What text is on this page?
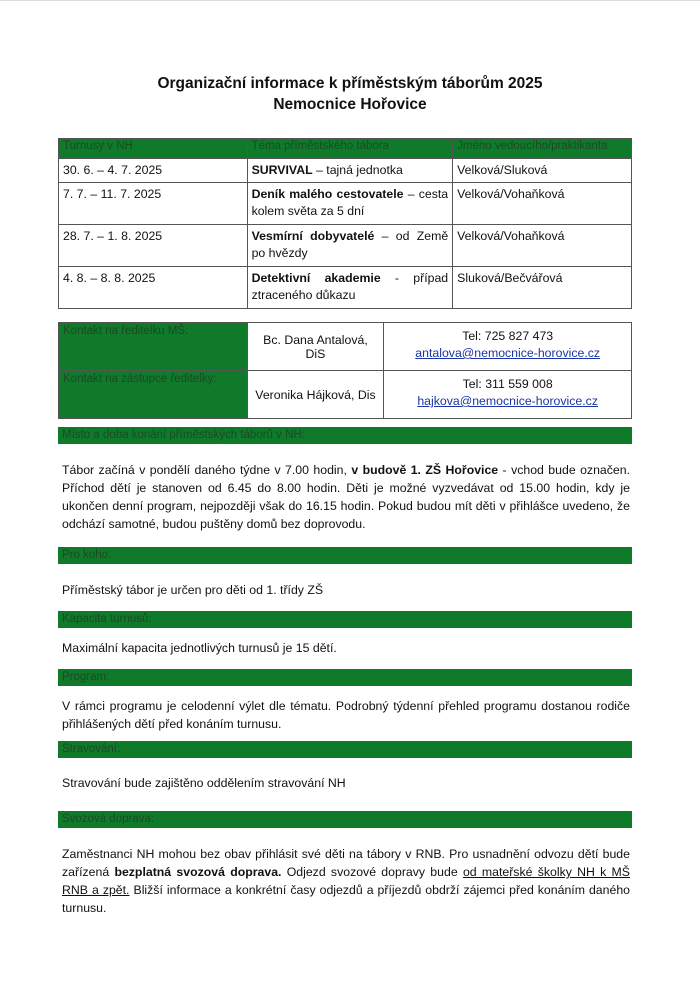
Organizační informace k příměstským táborům 2025
Nemocnice Hořovice
Turnusy v NH	Téma příměstského tábora	Jméno vedoucího/praktikanta
30. 6. – 4. 7. 2025	SURVIVAL – tajná jednotka	Velková/Sluková
7. 7. – 11. 7. 2025	Deník malého cestovatele – cesta kolem světa za 5 dní	Velková/Vohaňková
28. 7. – 1. 8. 2025	Vesmírní dobyvatelé – od Země po hvězdy	Velková/Vohaňková
4. 8. – 8. 8. 2025	Detektivní akademie - případ ztraceného důkazu	Sluková/Bečvářová
Kontakt na ředitelku MŠ:	Bc. Dana Antalová, DiS	Tel: 725 827 473
antalova@nemocnice-horovice.cz

Kontakt na zástupce ředitelky:	Veronika Hájková, Dis	Tel: 311 559 008
hajkova@nemocnice-horovice.cz
Místo a doba konání příměstských táborů v NH:
Tábor začíná v pondělí daného týdne v 7.00 hodin, v budově 1. ZŠ Hořovice - vchod bude označen. Příchod dětí je stanoven od 6.45 do 8.00 hodin. Děti je možné vyzvedávat od 15.00 hodin, kdy je ukončen denní program, nejpozději však do 16.15 hodin. Pokud budou mít děti v přihlášce uvedeno, že odchází samotné, budou puštěny domů bez doprovodu.
Pro koho:
Příměstský tábor je určen pro děti od 1. třídy ZŠ
Kapacita turnusů:
Maximální kapacita jednotlivých turnusů je 15 dětí.
Program:
V rámci programu je celodenní výlet dle tématu. Podrobný týdenní přehled programu dostanou rodiče přihlášených dětí před konáním turnusu.
Stravování:
Stravování bude zajištěno oddělením stravování NH
Svozová doprava:
Zaměstnanci NH mohou bez obav přihlásit své děti na tábory v RNB. Pro usnadnění odvozu dětí bude zařízená bezplatná svozová doprava. Odjezd svozové dopravy bude od mateřské školky NH k MŠ RNB a zpět. Bližší informace a konkrétní časy odjezdů a příjezdů obdrží zájemci před konáním daného turnusu.
